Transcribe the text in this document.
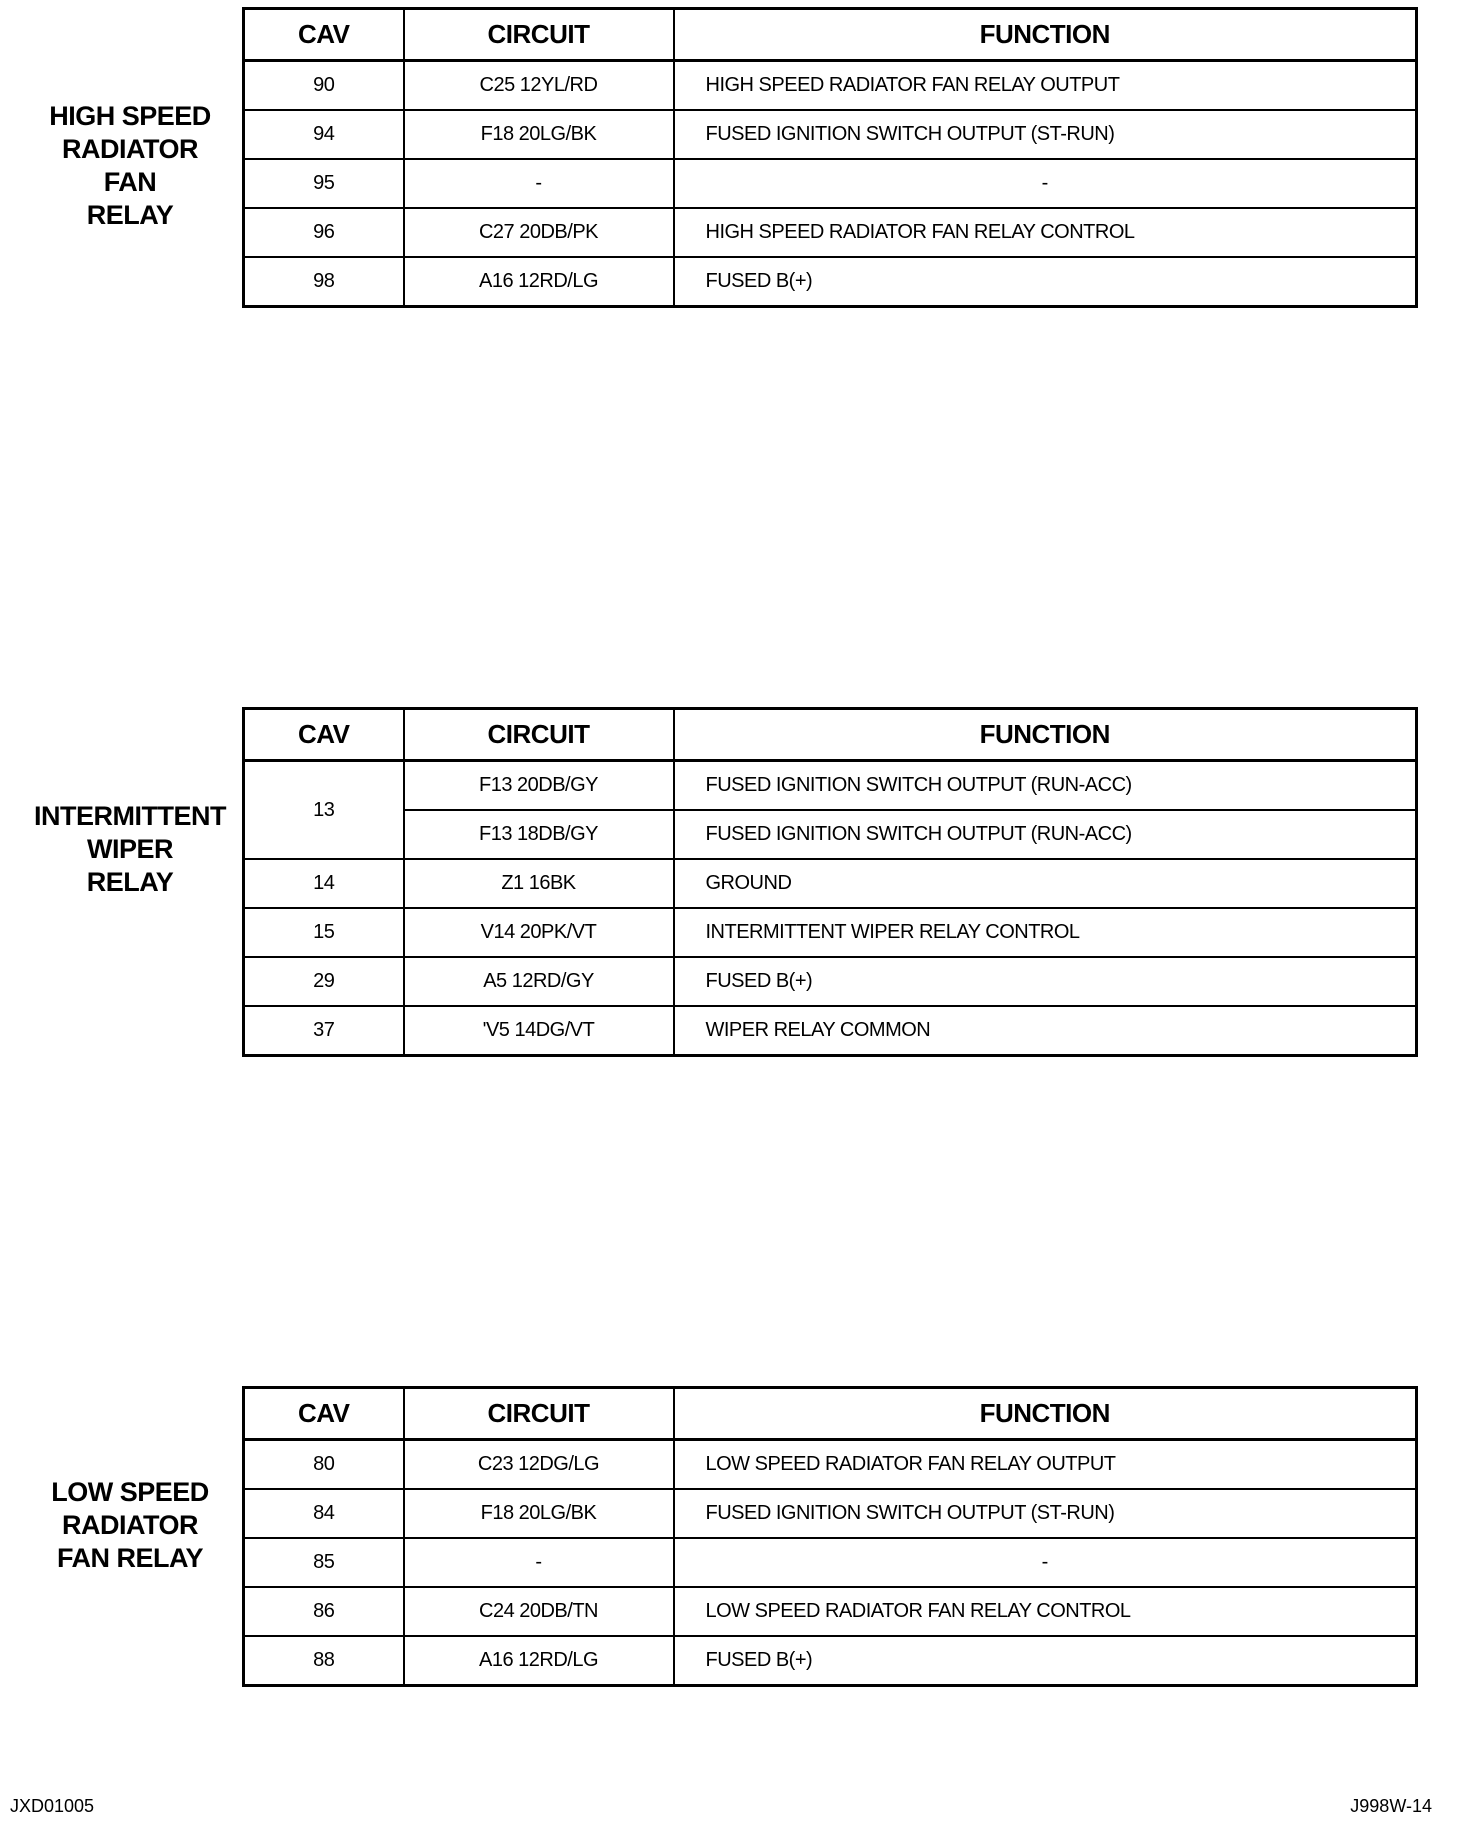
HIGH SPEED
RADIATOR
FAN
RELAY
CAV	CIRCUIT	FUNCTION
90	C25 12YL/RD	HIGH SPEED RADIATOR FAN RELAY OUTPUT
94	F18 20LG/BK	FUSED IGNITION SWITCH OUTPUT (ST-RUN)
95	-	-
96	C27 20DB/PK	HIGH SPEED RADIATOR FAN RELAY CONTROL
98	A16 12RD/LG	FUSED B(+)
INTERMITTENT
WIPER
RELAY
CAV	CIRCUIT	FUNCTION
13	F13 20DB/GY	FUSED IGNITION SWITCH OUTPUT (RUN-ACC)
	F13 18DB/GY	FUSED IGNITION SWITCH OUTPUT (RUN-ACC)
14	Z1 16BK	GROUND
15	V14 20PK/VT	INTERMITTENT WIPER RELAY CONTROL
29	A5 12RD/GY	FUSED B(+)
37	'V5 14DG/VT	WIPER RELAY COMMON
LOW SPEED
RADIATOR
FAN RELAY
CAV	CIRCUIT	FUNCTION
80	C23 12DG/LG	LOW SPEED RADIATOR FAN RELAY OUTPUT
84	F18 20LG/BK	FUSED IGNITION SWITCH OUTPUT (ST-RUN)
85	-	-
86	C24 20DB/TN	LOW SPEED RADIATOR FAN RELAY CONTROL
88	A16 12RD/LG	FUSED B(+)
JXD01005	J998W-14
